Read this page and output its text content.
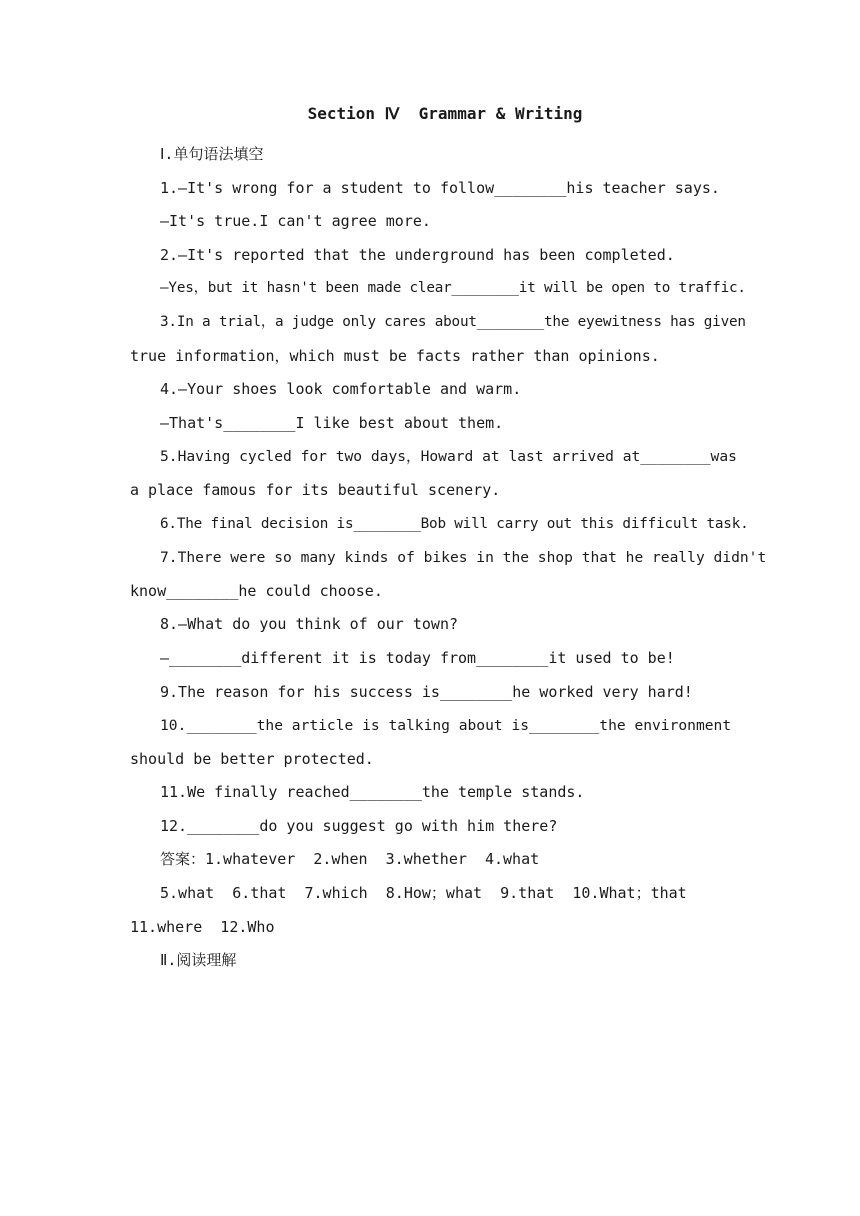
Section Ⅳ  Grammar & Writing
Ⅰ.单句语法填空
1.—It's wrong for a student to follow________his teacher says.
—It's true.I can't agree more.
2.—It's reported that the underground has been completed.
—Yes，but it hasn't been made clear________it will be open to traffic.
3.In a trial，a judge only cares about________the eyewitness has given
true information，which must be facts rather than opinions.
4.—Your shoes look comfortable and warm.
—That's________I like best about them.
5.Having cycled for two days，Howard at last arrived at________was
a place famous for its beautiful scenery.
6.The final decision is________Bob will carry out this difficult task.
7.There were so many kinds of bikes in the shop that he really didn't
know________he could choose.
8.—What do you think of our town?
—________different it is today from________it used to be!
9.The reason for his success is________he worked very hard!
10.________the article is talking about is________the environment
should be better protected.
11.We finally reached________the temple stands.
12.________do you suggest go with him there?
答案：1.whatever  2.when  3.whether  4.what
5.what  6.that  7.which  8.How；what  9.that  10.What；that
11.where  12.Who
Ⅱ.阅读理解
